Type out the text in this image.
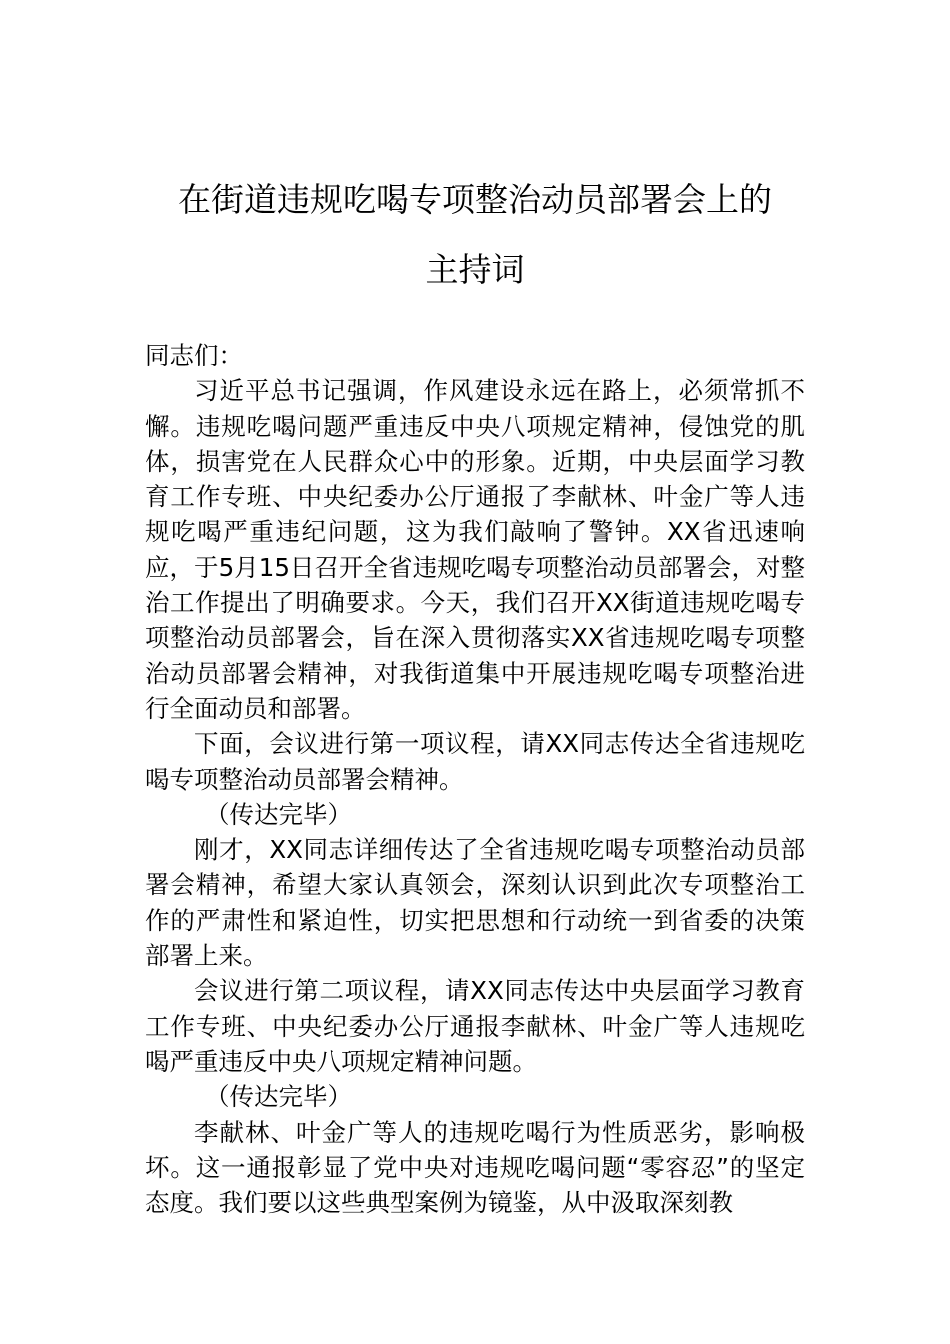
在街道违规吃喝专项整治动员部署会上的
主持词

同志们：

习近平总书记强调，作风建设永远在路上，必须常抓不懈。违规吃喝问题严重违反中央八项规定精神，侵蚀党的肌体，损害党在人民群众心中的形象。近期，中央层面学习教育工作专班、中央纪委办公厅通报了李献林、叶金广等人违规吃喝严重违纪问题，这为我们敲响了警钟。XX省迅速响应，于5月15日召开全省违规吃喝专项整治动员部署会，对整治工作提出了明确要求。今天，我们召开XX街道违规吃喝专项整治动员部署会，旨在深入贯彻落实XX省违规吃喝专项整治动员部署会精神，对我街道集中开展违规吃喝专项整治进行全面动员和部署。

下面，会议进行第一项议程，请XX同志传达全省违规吃喝专项整治动员部署会精神。

（传达完毕）

刚才，XX同志详细传达了全省违规吃喝专项整治动员部署会精神，希望大家认真领会，深刻认识到此次专项整治工作的严肃性和紧迫性，切实把思想和行动统一到省委的决策部署上来。

会议进行第二项议程，请XX同志传达中央层面学习教育工作专班、中央纪委办公厅通报李献林、叶金广等人违规吃喝严重违反中央八项规定精神问题。

（传达完毕）

李献林、叶金广等人的违规吃喝行为性质恶劣，影响极坏。这一通报彰显了党中央对违规吃喝问题“零容忍”的坚定态度。我们要以这些典型案例为镜鉴，从中汲取深刻教
